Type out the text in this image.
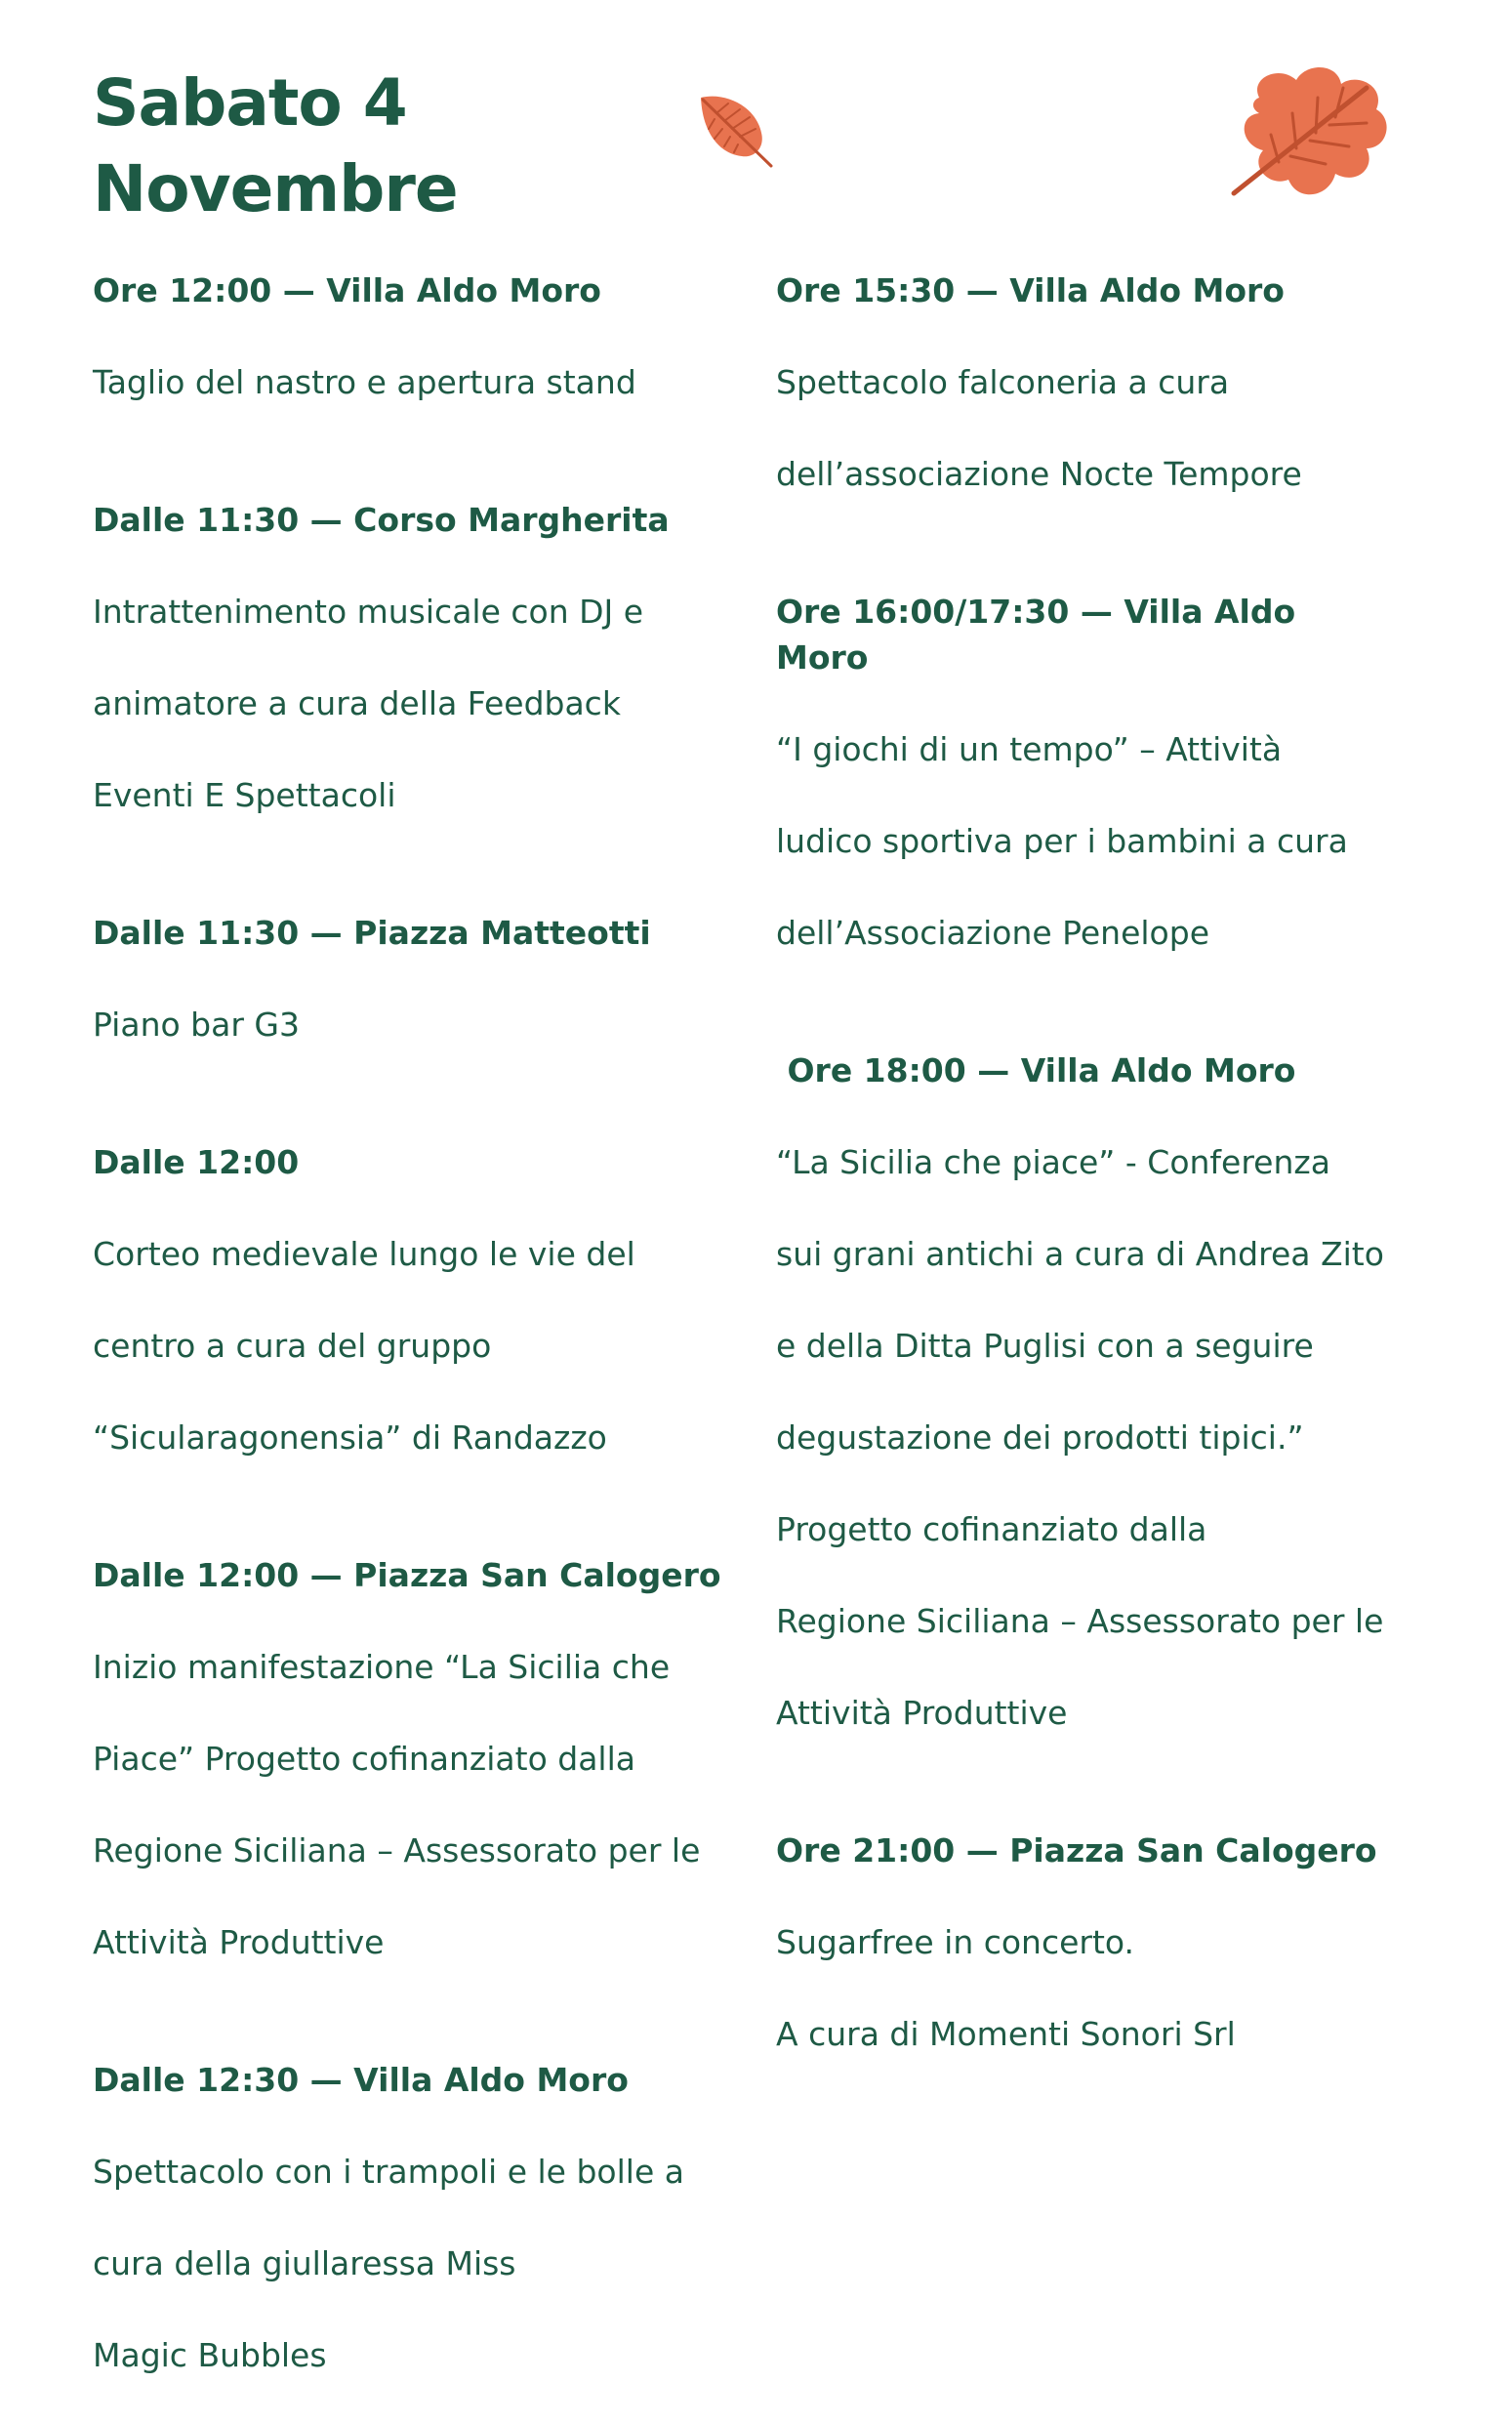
Sabato 4
Novembre
Ore 12:00 — Villa Aldo Moro

Taglio del nastro e apertura stand

Dalle 11:30 — Corso Margherita

Intrattenimento musicale con DJ e

animatore a cura della Feedback

Eventi E Spettacoli

Dalle 11:30 — Piazza Matteotti

Piano bar G3

Dalle 12:00

Corteo medievale lungo le vie del

centro a cura del gruppo

“Sicularagonensia” di Randazzo

Dalle 12:00 — Piazza San Calogero

Inizio manifestazione “La Sicilia che

Piace” Progetto cofinanziato dalla

Regione Siciliana – Assessorato per le

Attività Produttive

Dalle 12:30 — Villa Aldo Moro

Spettacolo con i trampoli e le bolle a

cura della giullaressa Miss

Magic Bubbles

Ore 15:30 — Villa Aldo Moro

Spettacolo falconeria a cura

dell’associazione Nocte Tempore

Ore 16:00/17:30 — Villa Aldo
Moro

“I giochi di un tempo” – Attività

ludico sportiva per i bambini a cura

dell’Associazione Penelope

Ore 18:00 — Villa Aldo Moro

“La Sicilia che piace” - Conferenza

sui grani antichi a cura di Andrea Zito

e della Ditta Puglisi con a seguire

degustazione dei prodotti tipici.”

Progetto cofinanziato dalla

Regione Siciliana – Assessorato per le

Attività Produttive

Ore 21:00 — Piazza San Calogero

Sugarfree in concerto.

A cura di Momenti Sonori Srl
